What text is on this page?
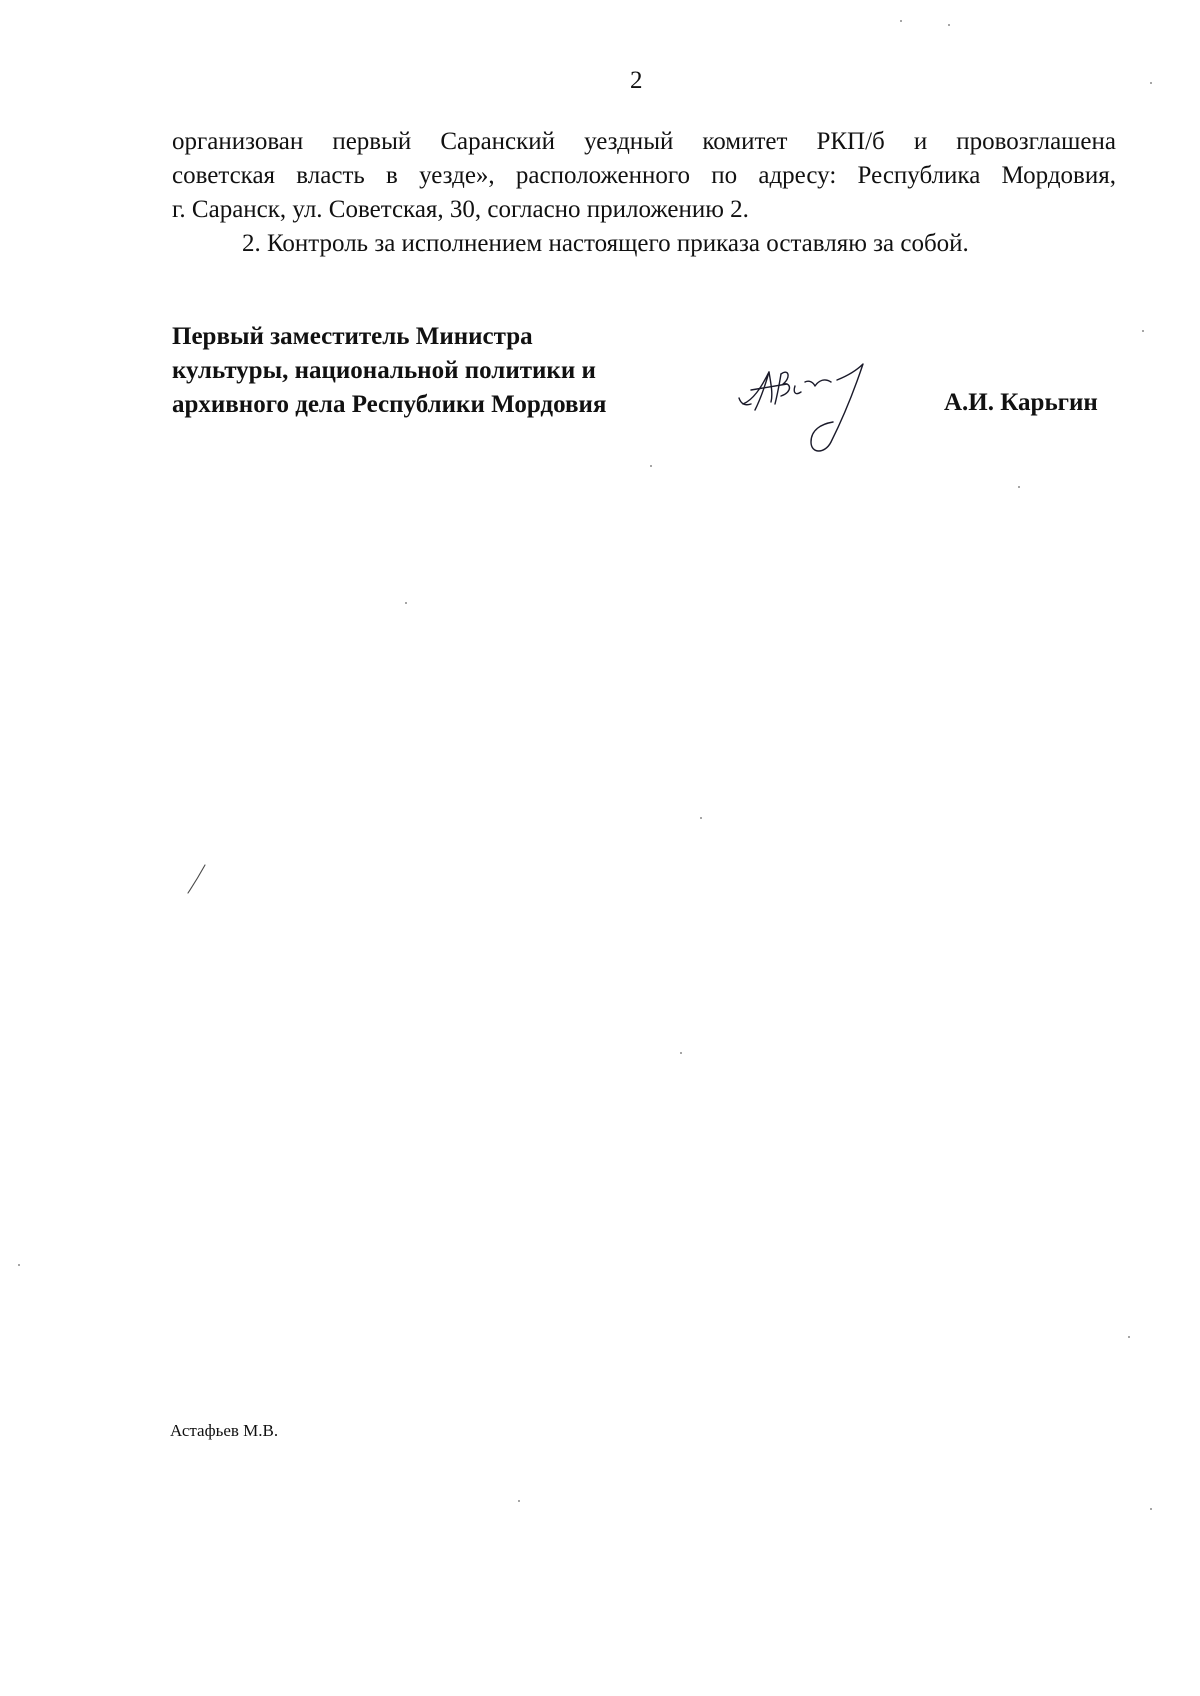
2

организован первый Саранский уездный комитет РКП/б и провозглашена

советская власть в уезде», расположенного по адресу: Республика Мордовия,

г. Саранск, ул. Советская, 30, согласно приложению 2.

2. Контроль за исполнением настоящего приказа оставляю за собой.

Первый заместитель Министра
культуры, национальной политики и
архивного дела Республики Мордовия	А.И. Карьгин
Астафьев М.В.
